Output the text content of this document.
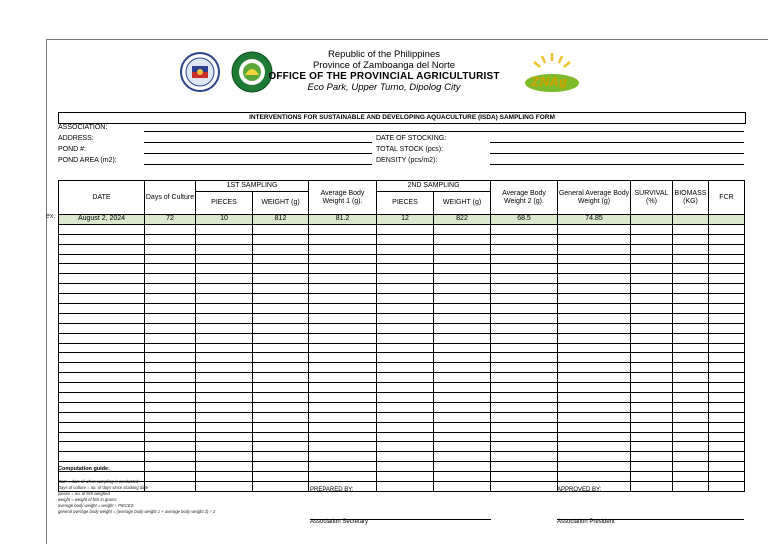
ZNAg
Republic of the Philippines
Province of Zamboanga del Norte
OFFICE OF THE PROVINCIAL AGRICULTURIST
Eco Park, Upper Turno, Dipolog City
INTERVENTIONS FOR SUSTAINABLE AND DEVELOPING AQUACULTURE (ISDA) SAMPLING FORM
ASSOCIATION:
ADDRESS:
POND #:
POND AREA (m2):
DATE OF STOCKING:
TOTAL STOCK (pcs):
DENSITY (pcs/m2):
ex.
DATE	Days of Culture	1ST SAMPLING		Average Body Weight 1 (g).	2ND SAMPLING		Average Body Weight 2 (g).	General Average Body Weight (g)	SURVIVAL (%)	BIOMASS (KG)	FCR
		PIECES	WEIGHT (g)		PIECES	WEIGHT (g)					
August 2, 2024	72	10	812	81.2	12	822	68.5	74.85			

Computation guide:
Date = date of when sampling is conducted
Days of culture = no. of days since stocking date
pieces = no. of fish weighed
weight = weight of fish in grams
average body weight = weight ÷ PIECES
general average body weight = (average body weight 1 + average body weight 2) ÷ 2
PREPARED BY:	APPROVED BY:
Association Secretary	Association President
